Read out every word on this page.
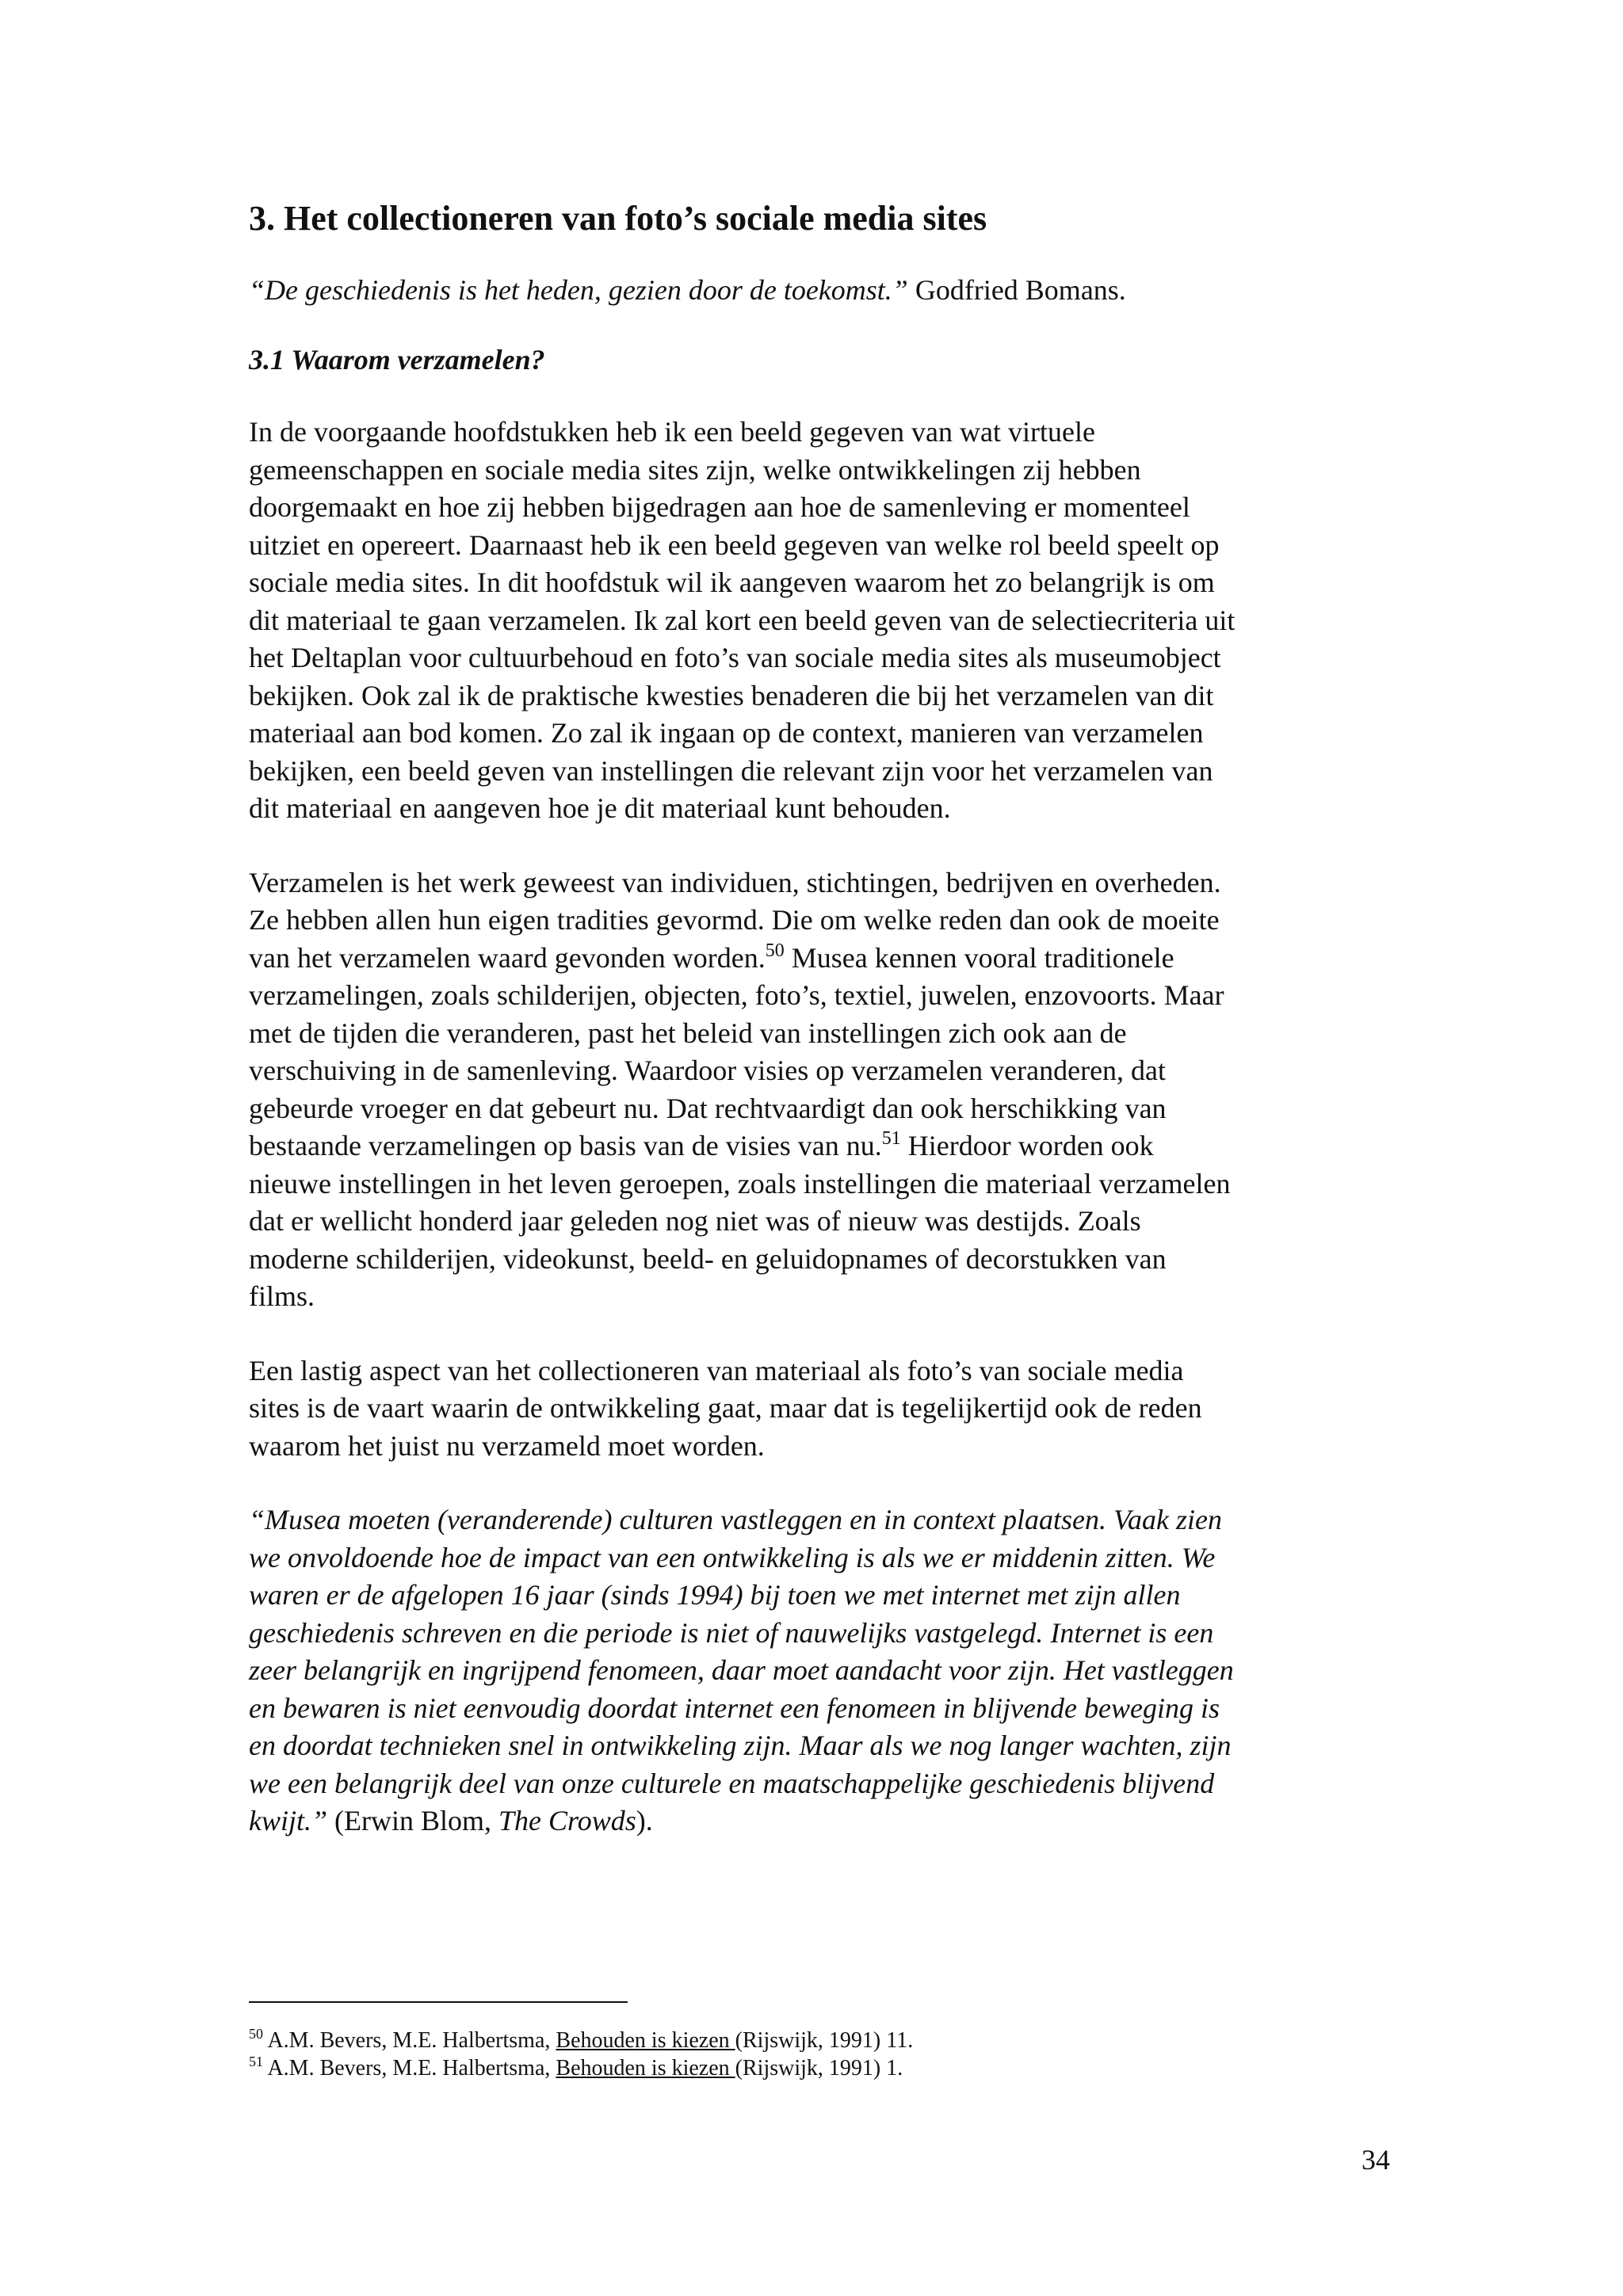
3. Het collectioneren van foto’s sociale media sites
“De geschiedenis is het heden, gezien door de toekomst.” Godfried Bomans.
3.1 Waarom verzamelen?

In de voorgaande hoofdstukken heb ik een beeld gegeven van wat virtuele
gemeenschappen en sociale media sites zijn, welke ontwikkelingen zij hebben
doorgemaakt en hoe zij hebben bijgedragen aan hoe de samenleving er momenteel
uitziet en opereert. Daarnaast heb ik een beeld gegeven van welke rol beeld speelt op
sociale media sites. In dit hoofdstuk wil ik aangeven waarom het zo belangrijk is om
dit materiaal te gaan verzamelen. Ik zal kort een beeld geven van de selectiecriteria uit
het Deltaplan voor cultuurbehoud en foto’s van sociale media sites als museumobject
bekijken. Ook zal ik de praktische kwesties benaderen die bij het verzamelen van dit
materiaal aan bod komen. Zo zal ik ingaan op de context, manieren van verzamelen
bekijken, een beeld geven van instellingen die relevant zijn voor het verzamelen van
dit materiaal en aangeven hoe je dit materiaal kunt behouden.

Verzamelen is het werk geweest van individuen, stichtingen, bedrijven en overheden.
Ze hebben allen hun eigen tradities gevormd. Die om welke reden dan ook de moeite
van het verzamelen waard gevonden worden.$^{50}$ Musea kennen vooral traditionele
verzamelingen, zoals schilderijen, objecten, foto’s, textiel, juwelen, enzovoorts. Maar
met de tijden die veranderen, past het beleid van instellingen zich ook aan de
verschuiving in de samenleving. Waardoor visies op verzamelen veranderen, dat
gebeurde vroeger en dat gebeurt nu. Dat rechtvaardigt dan ook herschikking van
bestaande verzamelingen op basis van de visies van nu.$^{51}$ Hierdoor worden ook
nieuwe instellingen in het leven geroepen, zoals instellingen die materiaal verzamelen
dat er wellicht honderd jaar geleden nog niet was of nieuw was destijds. Zoals
moderne schilderijen, videokunst, beeld- en geluidopnames of decorstukken van
films.

Een lastig aspect van het collectioneren van materiaal als foto’s van sociale media
sites is de vaart waarin de ontwikkeling gaat, maar dat is tegelijkertijd ook de reden
waarom het juist nu verzameld moet worden.

“Musea moeten (veranderende) culturen vastleggen en in context plaatsen. Vaak zien
we onvoldoende hoe de impact van een ontwikkeling is als we er middenin zitten. We
waren er de afgelopen 16 jaar (sinds 1994) bij toen we met internet met zijn allen
geschiedenis schreven en die periode is niet of nauwelijks vastgelegd. Internet is een
zeer belangrijk en ingrijpend fenomeen, daar moet aandacht voor zijn. Het vastleggen
en bewaren is niet eenvoudig doordat internet een fenomeen in blijvende beweging is
en doordat technieken snel in ontwikkeling zijn. Maar als we nog langer wachten, zijn
we een belangrijk deel van onze culturele en maatschappelijke geschiedenis blijvend
kwijt.” (Erwin Blom, The Crowds).

$^{50}$ A.M. Bevers, M.E. Halbertsma, Behouden is kiezen (Rijswijk, 1991) 11.
$^{51}$ A.M. Bevers, M.E. Halbertsma, Behouden is kiezen (Rijswijk, 1991) 1.
34
